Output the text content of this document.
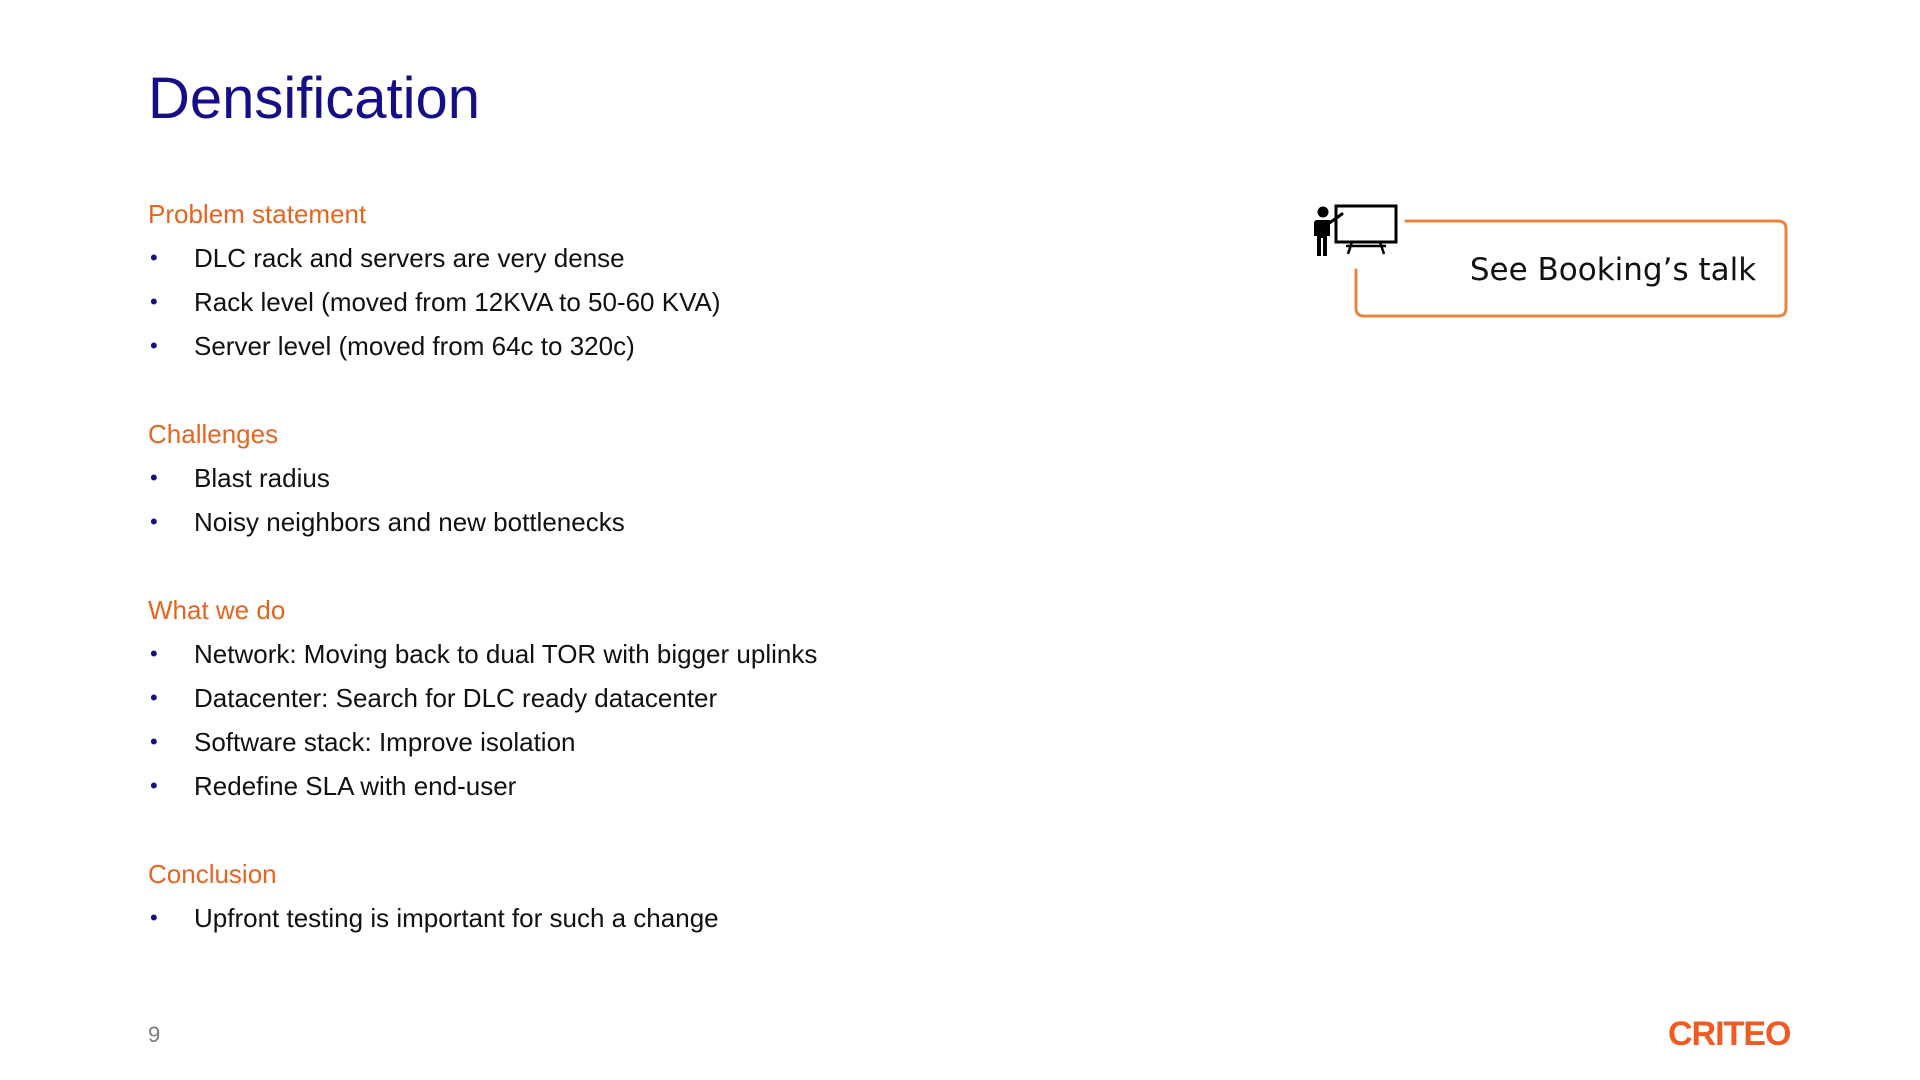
Densification
Problem statement
• DLC rack and servers are very dense
• Rack level (moved from 12KVA to 50-60 KVA)
• Server level (moved from 64c to 320c)
Challenges
• Blast radius
• Noisy neighbors and new bottlenecks
What we do
• Network: Moving back to dual TOR with bigger uplinks
• Datacenter: Search for DLC ready datacenter
• Software stack: Improve isolation
• Redefine SLA with end-user
Conclusion
• Upfront testing is important for such a change
See Booking’s talk
9	CRITEO
